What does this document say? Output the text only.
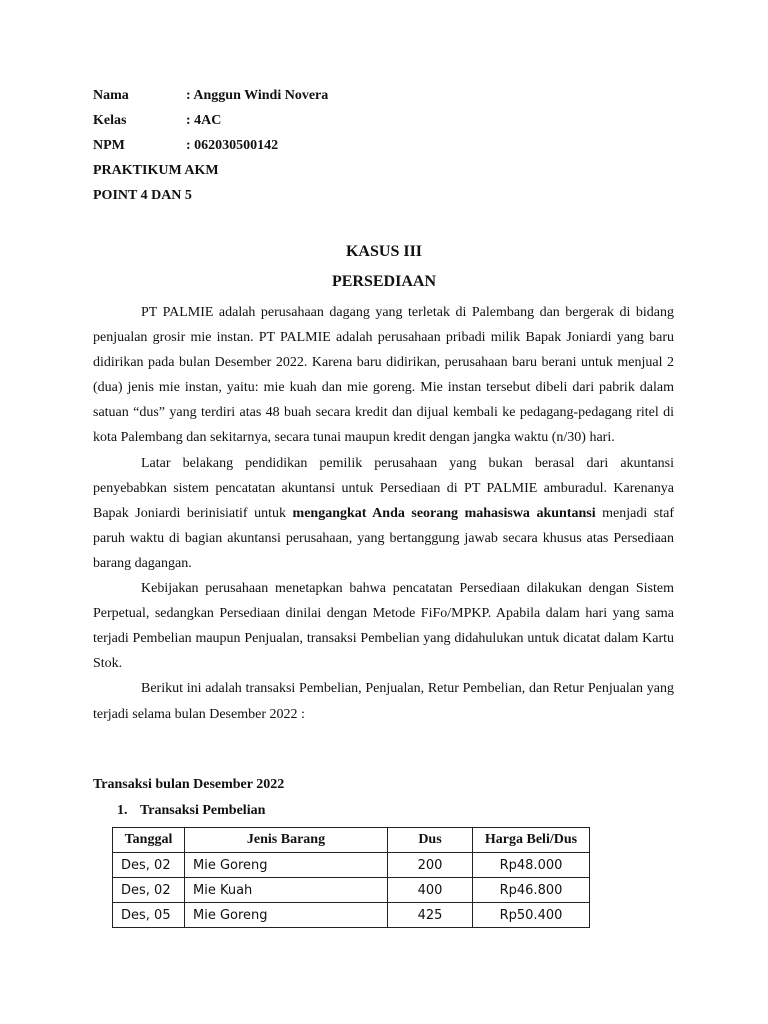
Nama	: Anggun Windi Novera
Kelas	: 4AC
NPM	: 062030500142
PRAKTIKUM AKM
POINT 4 DAN 5
KASUS III
PERSEDIAAN

PT PALMIE adalah perusahaan dagang yang terletak di Palembang dan bergerak di bidang penjualan grosir mie instan. PT PALMIE adalah perusahaan pribadi milik Bapak Joniardi yang baru didirikan pada bulan Desember 2022. Karena baru didirikan, perusahaan baru berani untuk menjual 2 (dua) jenis mie instan, yaitu: mie kuah dan mie goreng. Mie instan tersebut dibeli dari pabrik dalam satuan “dus” yang terdiri atas 48 buah secara kredit dan dijual kembali ke pedagang-pedagang ritel di kota Palembang dan sekitarnya, secara tunai maupun kredit dengan jangka waktu (n/30) hari.

Latar belakang pendidikan pemilik perusahaan yang bukan berasal dari akuntansi penyebabkan sistem pencatatan akuntansi untuk Persediaan di PT PALMIE amburadul. Karenanya Bapak Joniardi berinisiatif untuk mengangkat Anda seorang mahasiswa akuntansi menjadi staf paruh waktu di bagian akuntansi perusahaan, yang bertanggung jawab secara khusus atas Persediaan barang dagangan.

Kebijakan perusahaan menetapkan bahwa pencatatan Persediaan dilakukan dengan Sistem Perpetual, sedangkan Persediaan dinilai dengan Metode FiFo/MPKP. Apabila dalam hari yang sama terjadi Pembelian maupun Penjualan, transaksi Pembelian yang didahulukan untuk dicatat dalam Kartu Stok.

Berikut ini adalah transaksi Pembelian, Penjualan, Retur Pembelian, dan Retur Penjualan yang terjadi selama bulan Desember 2022 :

Transaksi bulan Desember 2022
1. Transaksi Pembelian
Tanggal	Jenis Barang	Dus	Harga Beli/Dus
Des, 02	Mie Goreng	200	Rp48.000
Des, 02	Mie Kuah	400	Rp46.800
Des, 05	Mie Goreng	425	Rp50.400
